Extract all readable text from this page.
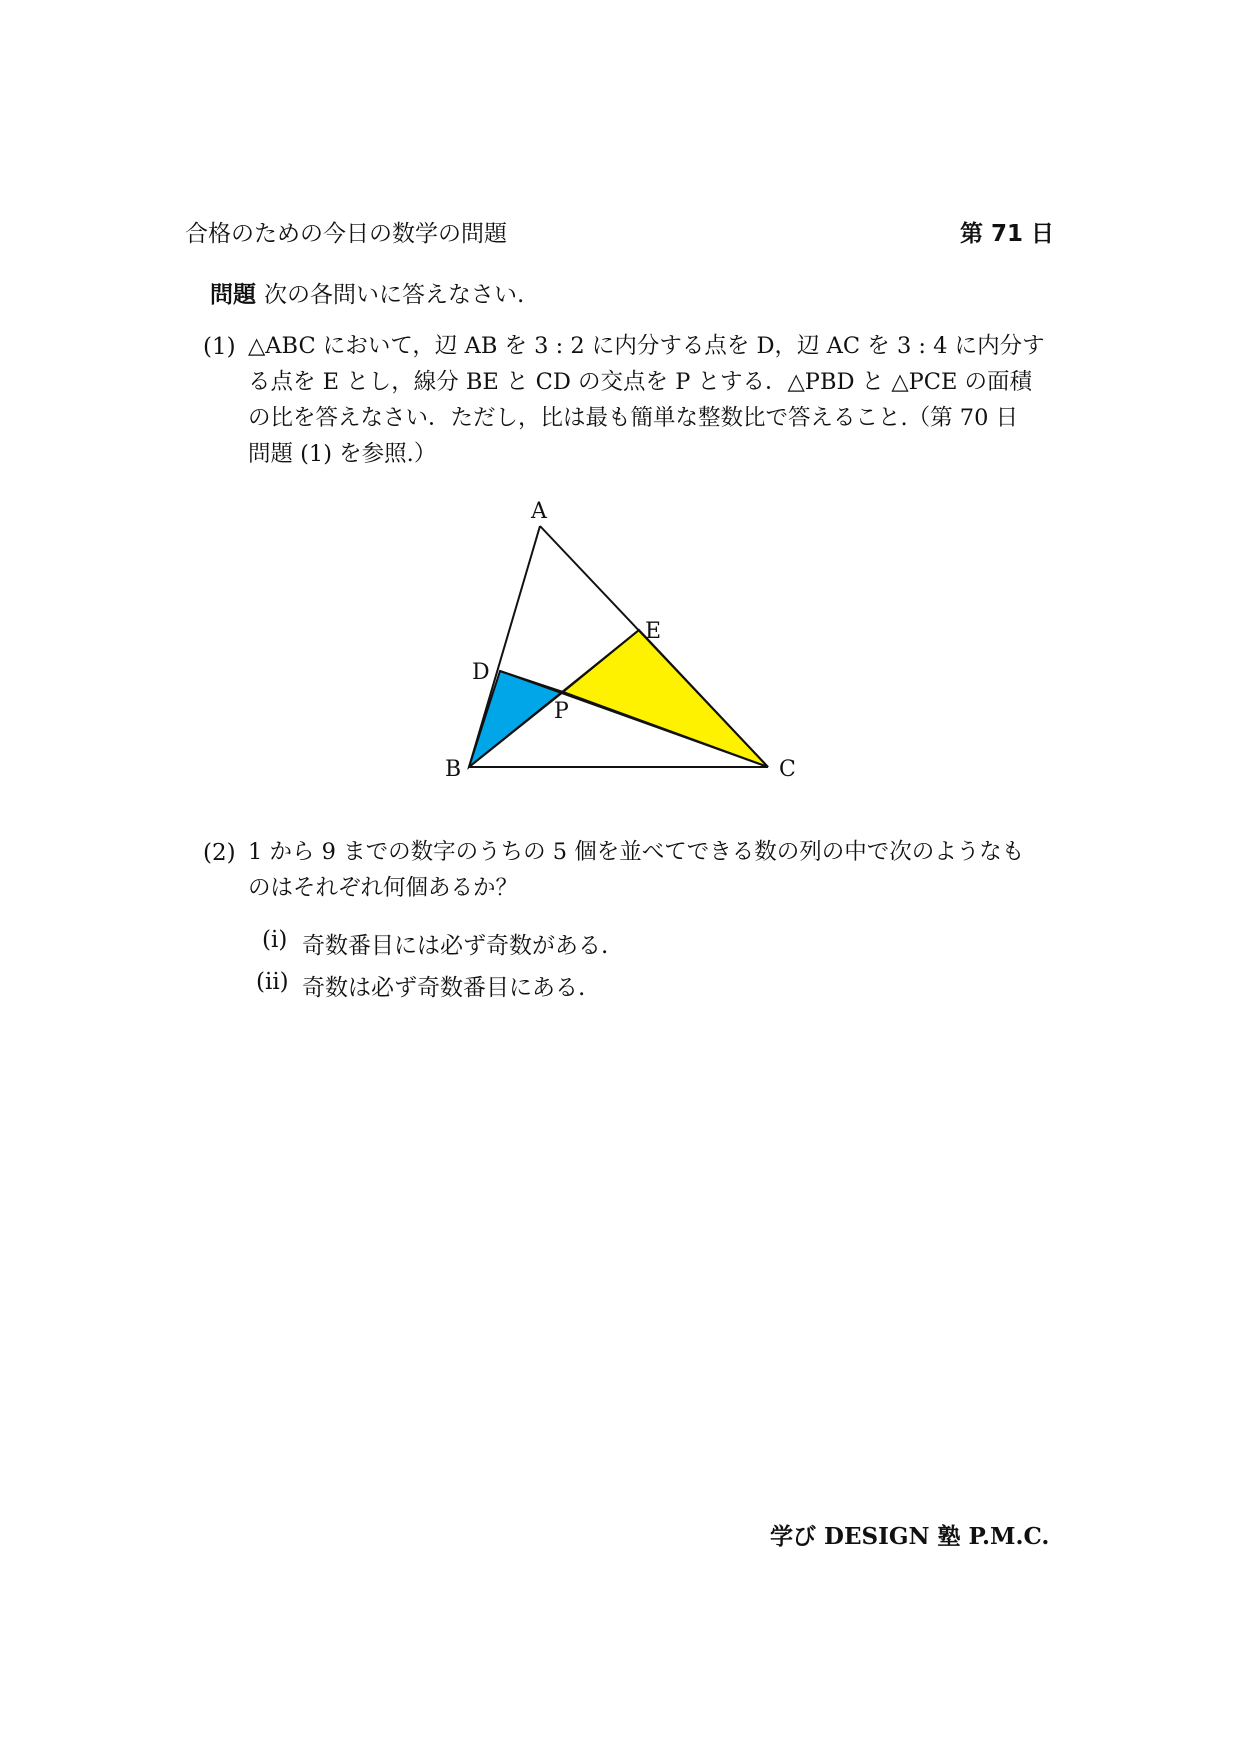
合格のための今日の数学の問題	第 71 日
問題 次の各問いに答えなさい.
(1) △ABC において，辺 AB を 3 : 2 に内分する点を D，辺 AC を 3 : 4 に内分す
る点を E とし，線分 BE と CD の交点を P とする．△PBD と △PCE の面積
の比を答えなさい．ただし，比は最も簡単な整数比で答えること.（第 70 日
問題 (1) を参照.）
A
E
D
P
B	C
(2) 1 から 9 までの数字のうちの 5 個を並べてできる数の列の中で次のようなも
のはそれぞれ何個あるか？
(i) 奇数番目には必ず奇数がある.
(ii) 奇数は必ず奇数番目にある.
学び DESIGN 塾 P.M.C.
